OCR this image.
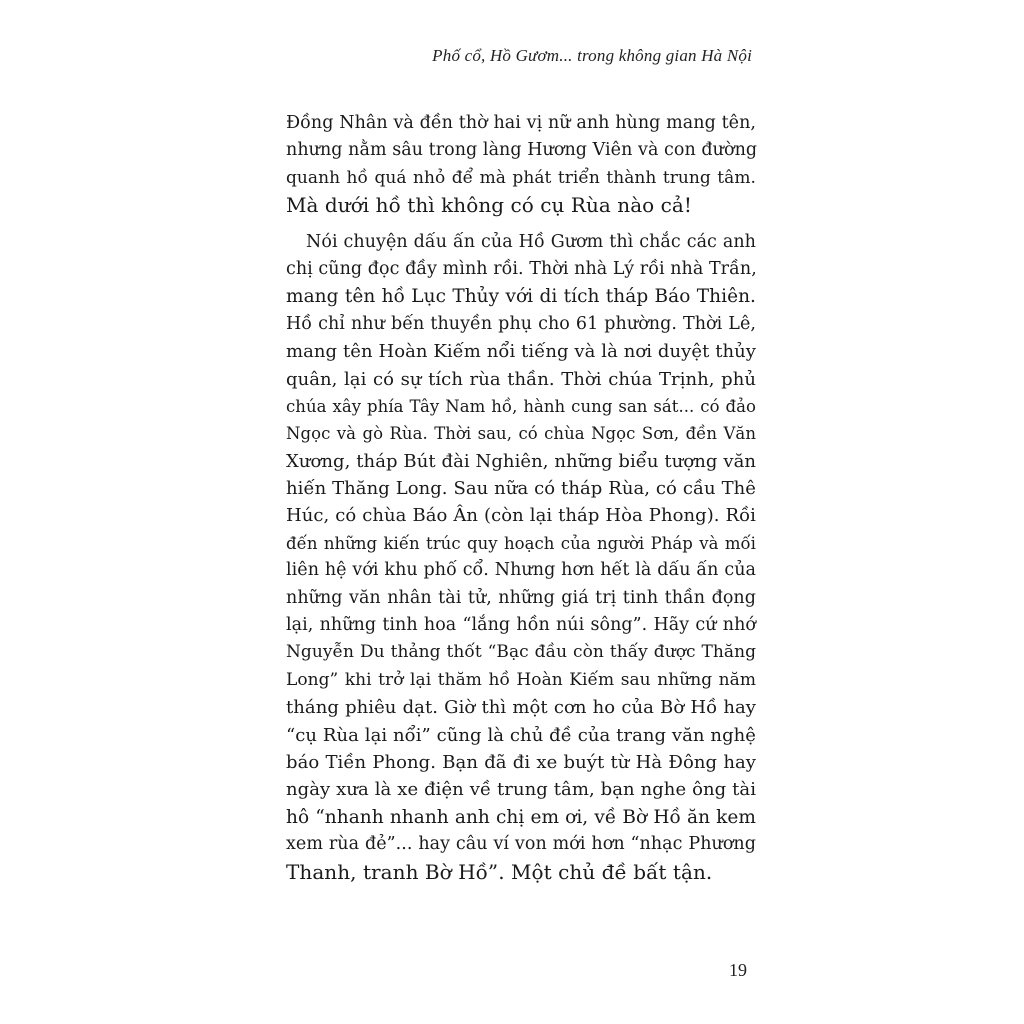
Phố cổ, Hồ Gươm... trong không gian Hà Nội
Đồng Nhân và đền thờ hai vị nữ anh hùng mang tên,
nhưng nằm sâu trong làng Hương Viên và con đường
quanh hồ quá nhỏ để mà phát triển thành trung tâm.
Mà dưới hồ thì không có cụ Rùa nào cả!
Nói chuyện dấu ấn của Hồ Gươm thì chắc các anh
chị cũng đọc đầy mình rồi. Thời nhà Lý rồi nhà Trần,
mang tên hồ Lục Thủy với di tích tháp Báo Thiên.
Hồ chỉ như bến thuyền phụ cho 61 phường. Thời Lê,
mang tên Hoàn Kiếm nổi tiếng và là nơi duyệt thủy
quân, lại có sự tích rùa thần. Thời chúa Trịnh, phủ
chúa xây phía Tây Nam hồ, hành cung san sát... có đảo
Ngọc và gò Rùa. Thời sau, có chùa Ngọc Sơn, đền Văn
Xương, tháp Bút đài Nghiên, những biểu tượng văn
hiến Thăng Long. Sau nữa có tháp Rùa, có cầu Thê
Húc, có chùa Báo Ân (còn lại tháp Hòa Phong). Rồi
đến những kiến trúc quy hoạch của người Pháp và mối
liên hệ với khu phố cổ. Nhưng hơn hết là dấu ấn của
những văn nhân tài tử, những giá trị tinh thần đọng
lại, những tinh hoa “lắng hồn núi sông”. Hãy cứ nhớ
Nguyễn Du thảng thốt “Bạc đầu còn thấy được Thăng
Long” khi trở lại thăm hồ Hoàn Kiếm sau những năm
tháng phiêu dạt. Giờ thì một cơn ho của Bờ Hồ hay
“cụ Rùa lại nổi” cũng là chủ đề của trang văn nghệ
báo Tiền Phong. Bạn đã đi xe buýt từ Hà Đông hay
ngày xưa là xe điện về trung tâm, bạn nghe ông tài
hô “nhanh nhanh anh chị em ơi, về Bờ Hồ ăn kem
xem rùa đẻ”... hay câu ví von mới hơn “nhạc Phương
Thanh, tranh Bờ Hồ”. Một chủ đề bất tận.
19
